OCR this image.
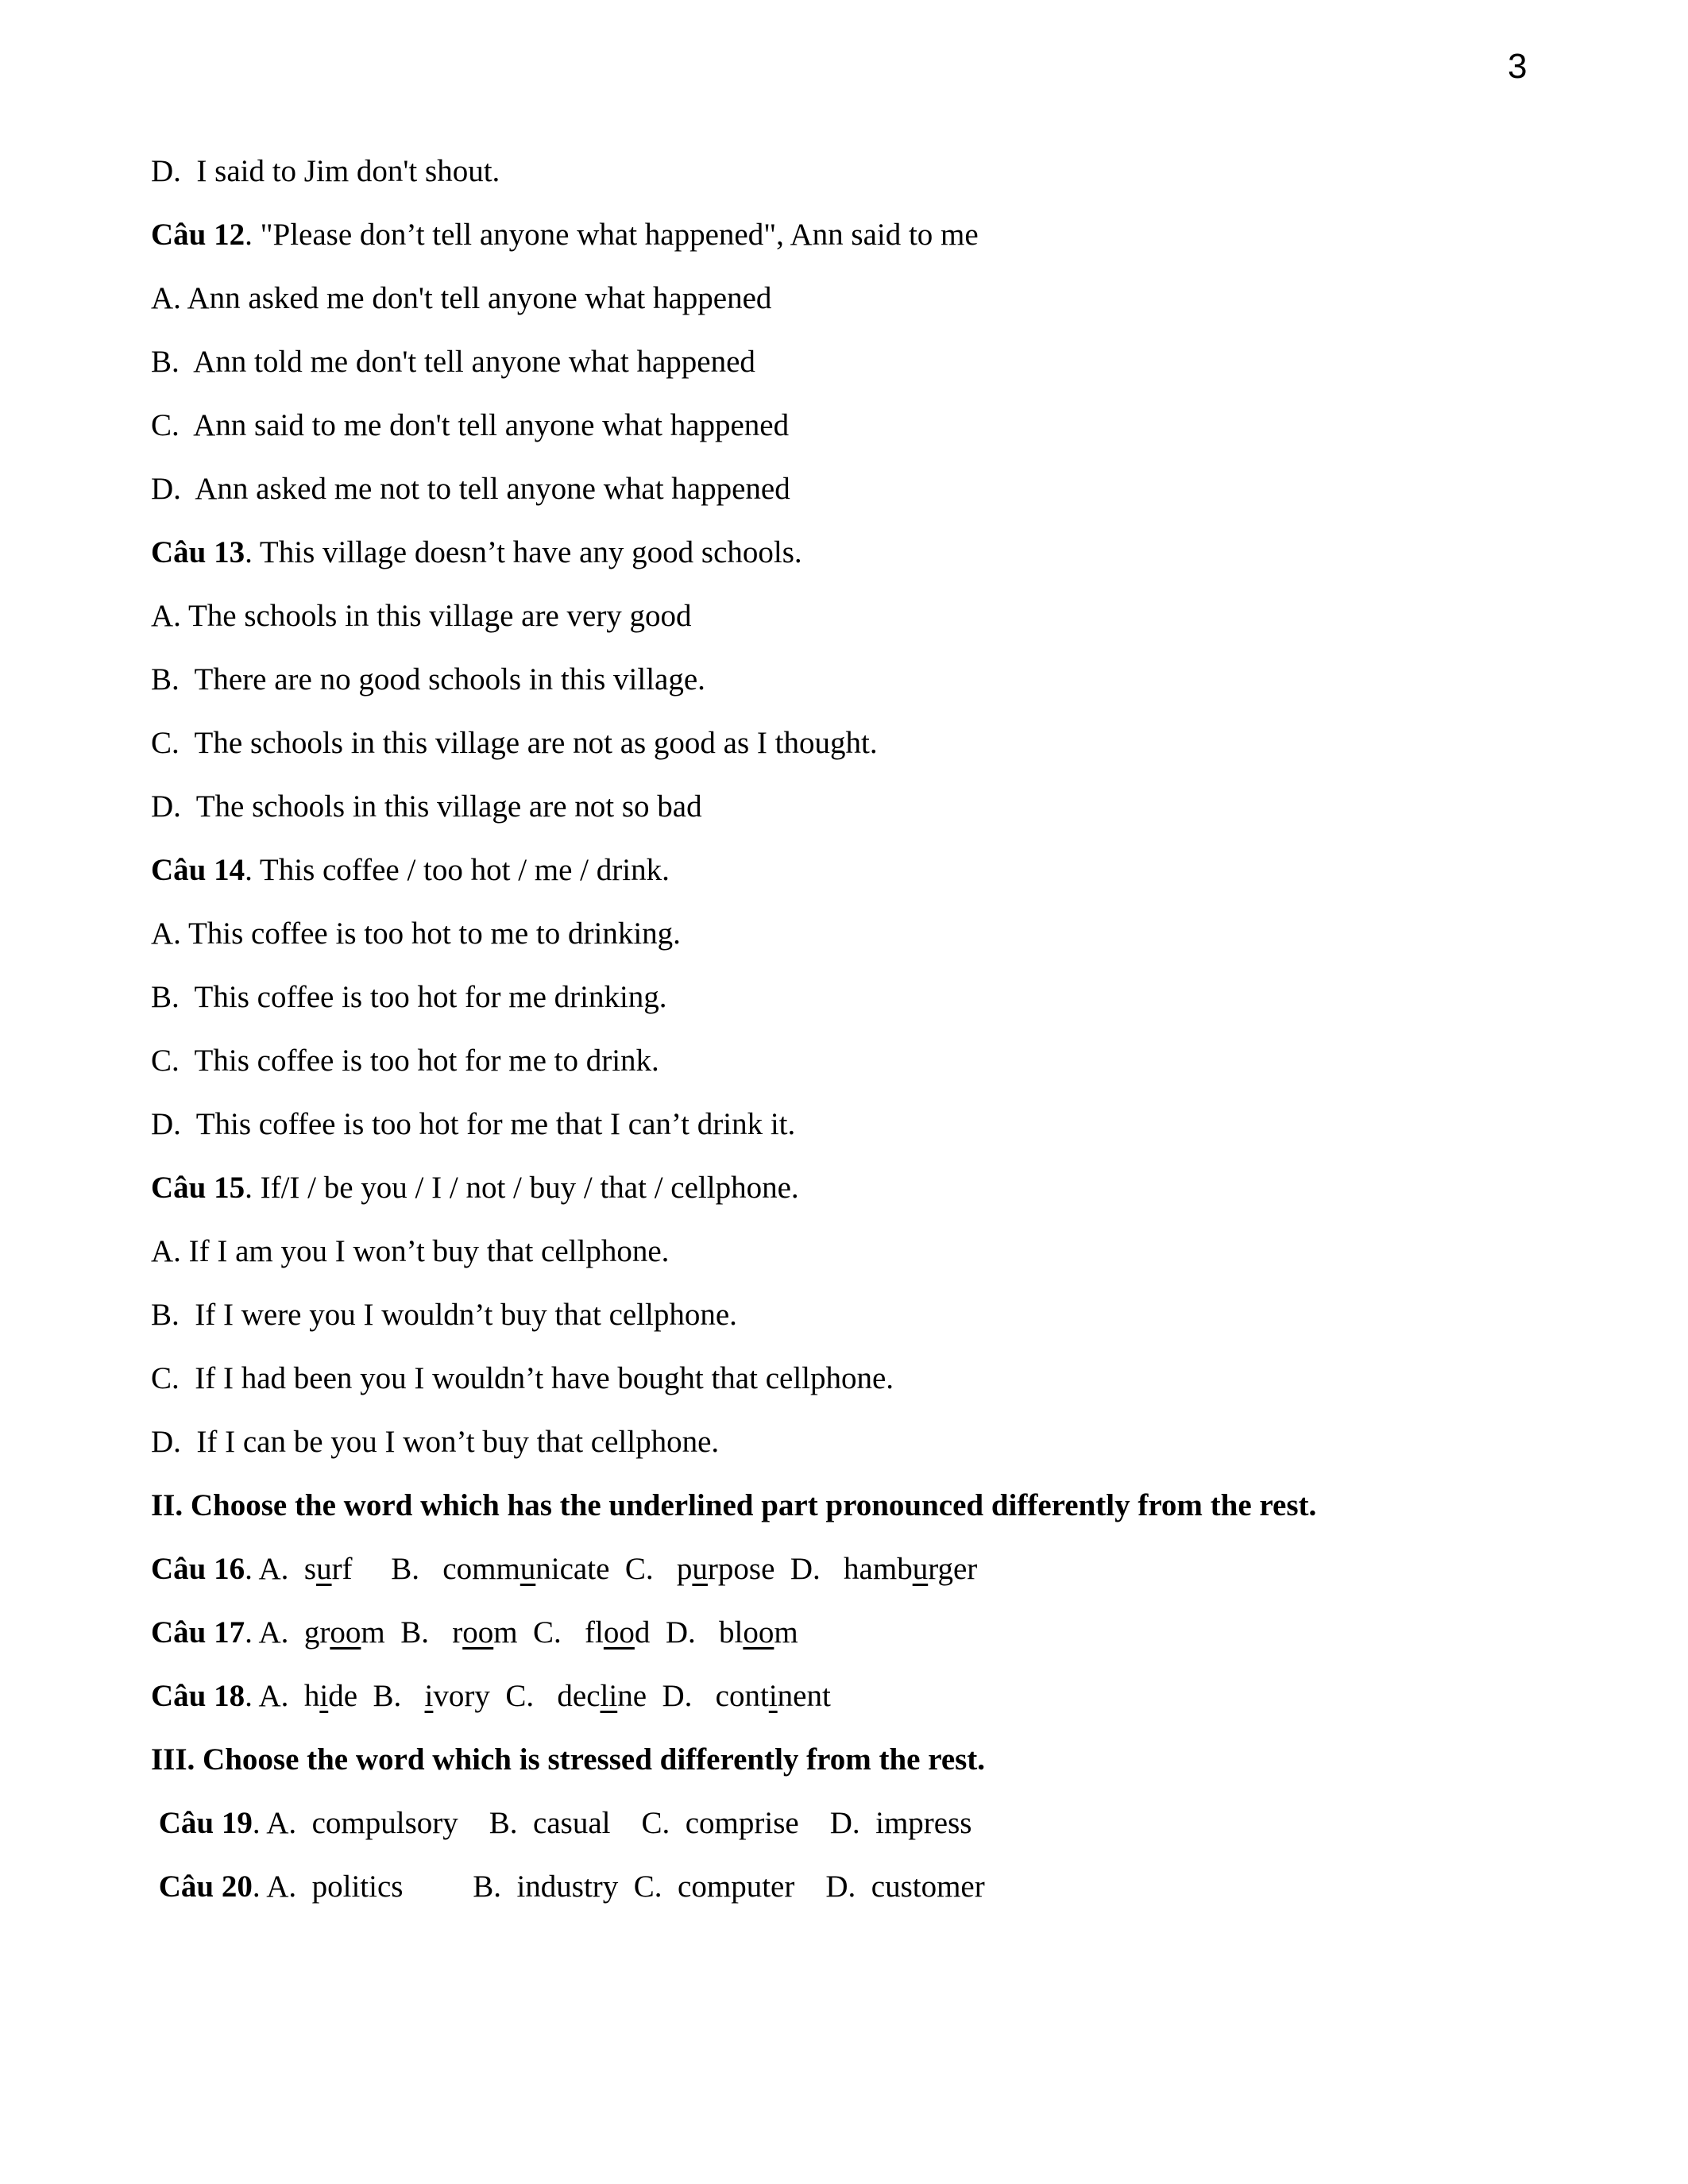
3
D.  I said to Jim don't shout.
Câu 12. "Please don’t tell anyone what happened", Ann said to me
A. Ann asked me don't tell anyone what happened
B.  Ann told me don't tell anyone what happened
C.  Ann said to me don't tell anyone what happened
D.  Ann asked me not to tell anyone what happened
Câu 13. This village doesn’t have any good schools.
A. The schools in this village are very good
B.  There are no good schools in this village.
C.  The schools in this village are not as good as I thought.
D.  The schools in this village are not so bad
Câu 14. This coffee / too hot / me / drink.
A. This coffee is too hot to me to drinking.
B.  This coffee is too hot for me drinking.
C.  This coffee is too hot for me to drink.
D.  This coffee is too hot for me that I can’t drink it.
Câu 15. If/I / be you / I / not / buy / that / cellphone.
A. If I am you I won’t buy that cellphone.
B.  If I were you I wouldn’t buy that cellphone.
C.  If I had been you I wouldn’t have bought that cellphone.
D.  If I can be you I won’t buy that cellphone.
II. Choose the word which has the underlined part pronounced differently from the rest.
Câu 16. A.  surf     B.   communicate  C.   purpose  D.   hamburger
Câu 17. A.  groom  B.   room  C.   flood  D.   bloom
Câu 18. A.  hide  B.   ivory  C.   decline  D.   continent
III. Choose the word which is stressed differently from the rest.
Câu 19. A.  compulsory    B.  casual    C.  comprise    D.  impress
Câu 20. A.  politics         B.  industry  C.  computer    D.  customer
